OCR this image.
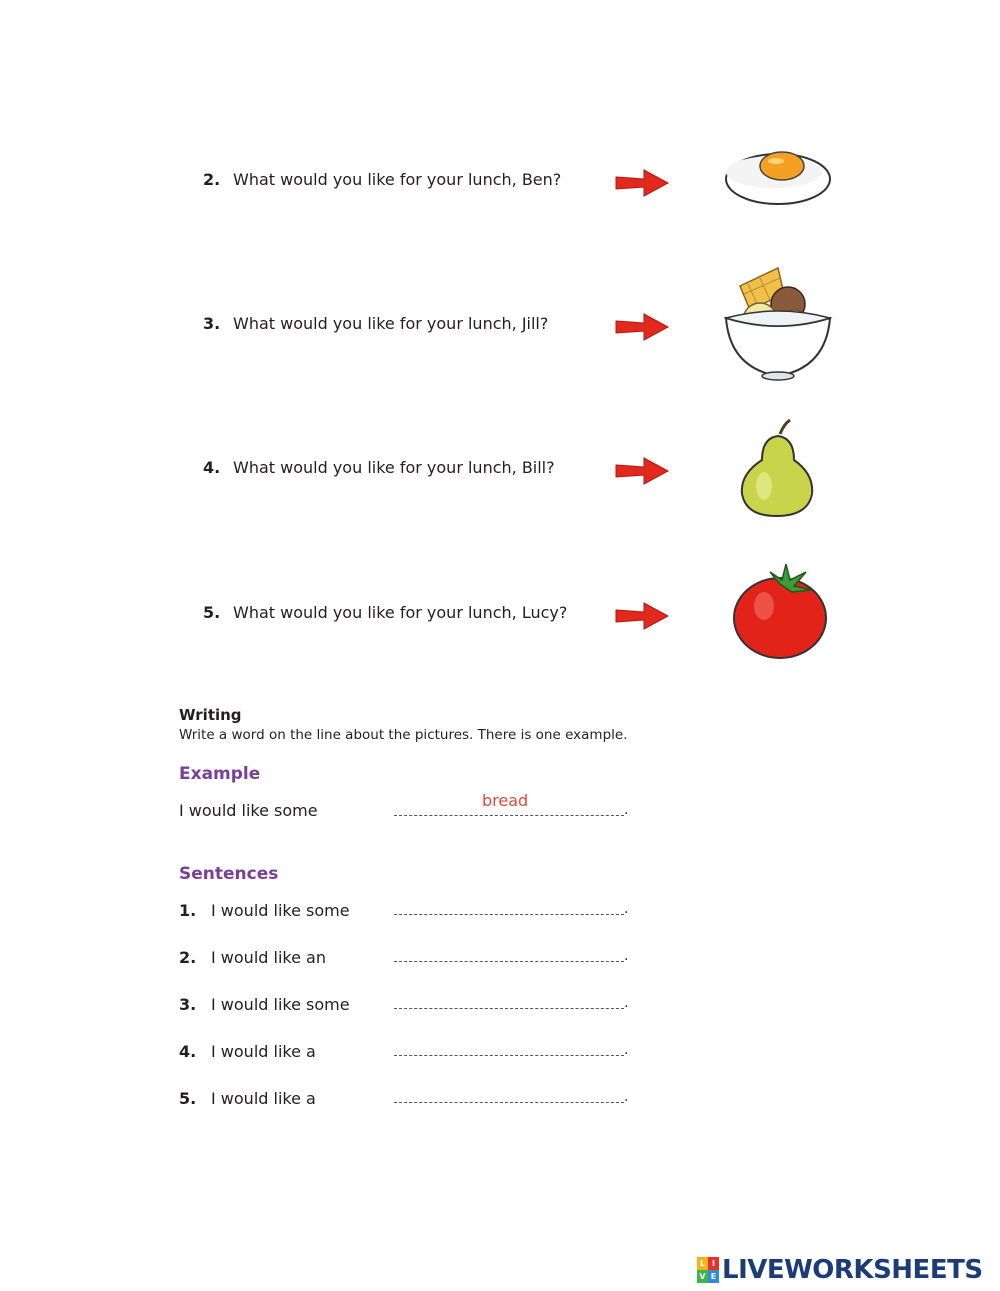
2. What would you like for your lunch, Ben?
3. What would you like for your lunch, Jill?
4. What would you like for your lunch, Bill?
5. What would you like for your lunch, Lucy?
Writing
Write a word on the line about the pictures. There is one example.
Example
I would like some
bread	.
Sentences
1. I would like some	.
2. I would like an	.
3. I would like some	.
4. I would like a	.
5. I would like a	.
L I
V E LIVEWORKSHEETS
